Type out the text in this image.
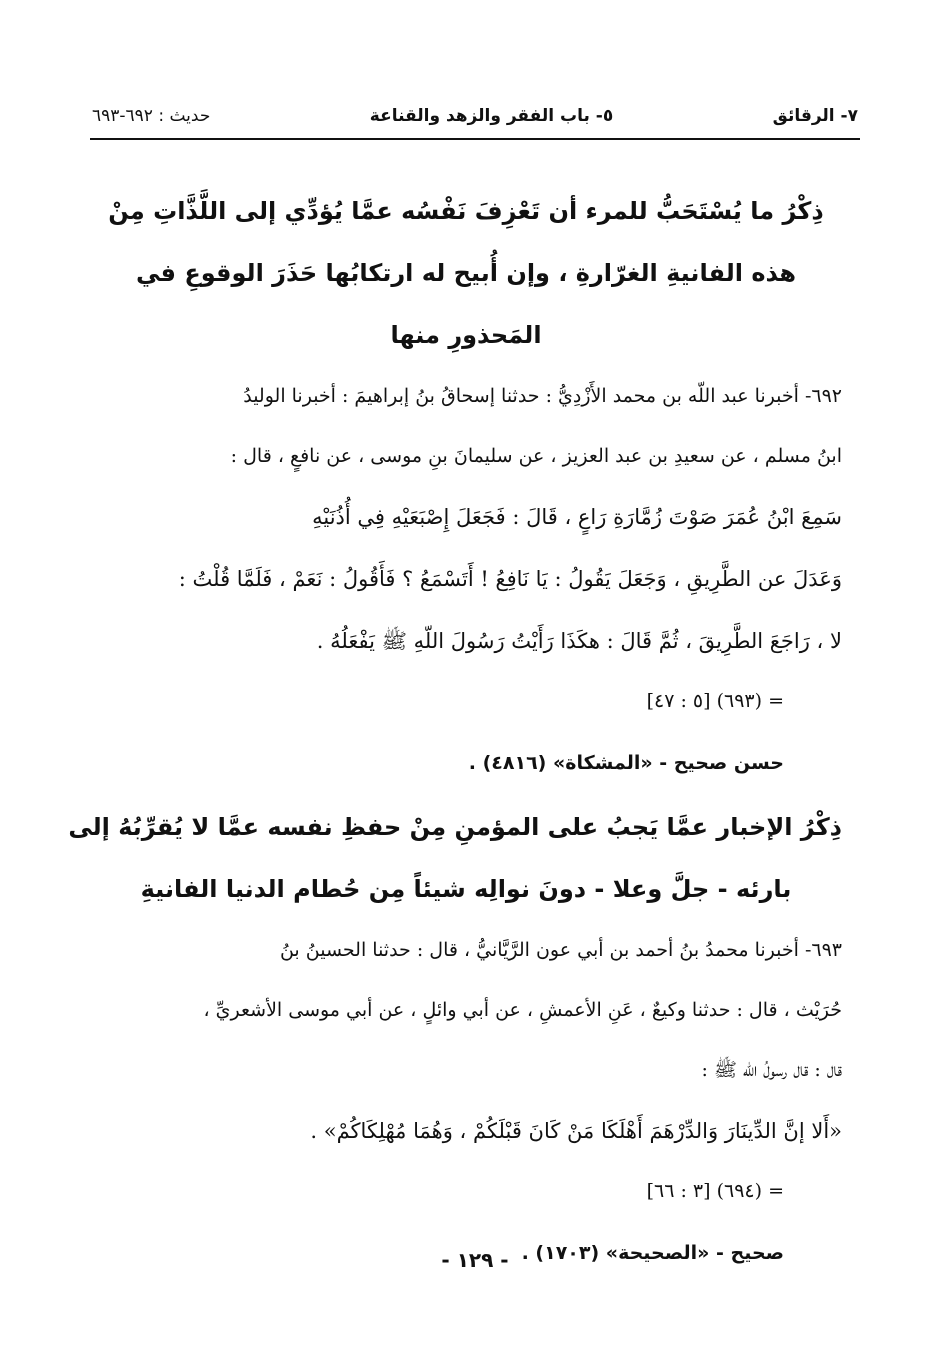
٧- الرقائق
٥- باب الفقر والزهد والقناعة
حديث : ٦٩٢-٦٩٣
ذِكْرُ ما يُسْتَحَبُّ للمرء أن تَعْزِفَ نَفْسُه عمَّا يُؤدِّي إلى اللَّذَّاتِ مِنْ
هذه الفانيةِ الغرّارةِ ، وإن أُبيح له ارتكابُها حَذَرَ الوقوعِ في
المَحذورِ منها
٦٩٢- أخبرنا عبد اللّه بن محمد الأَزْدِيُّ : حدثنا إسحاقُ بنُ إبراهيمَ : أخبرنا الوليدُ
ابنُ مسلم ، عن سعيدِ بن عبد العزيز ، عن سليمانَ بنِ موسى ، عن نافعٍ ، قال :
سَمِعَ ابْنُ عُمَرَ صَوْتَ زُمَّارَةِ رَاعٍ ، قَالَ : فَجَعَلَ إِصْبَعَيْهِ فِي أُذُنَيْهِ
وَعَدَلَ عن الطَّرِيقِ ، وَجَعَلَ يَقُولُ : يَا نَافِعُ ! أَتَسْمَعُ ؟ فَأَقُولُ : نَعَمْ ، فَلَمَّا قُلْتُ :
لا ، رَاجَعَ الطَّرِيقَ ، ثُمَّ قَالَ : هكَذَا رَأَيْتُ رَسُولَ اللّهِ ﷺ يَفْعَلُهُ .
= (٦٩٣) [٥ : ٤٧]
حسن صحيح - «المشكاة» (٤٨١٦) .
ذِكْرُ الإخبار عمَّا يَجبُ على المؤمنِ مِنْ حفظِ نفسه عمَّا لا يُقرِّبُهُ إلى
بارئه - جلَّ وعلا - دونَ نوالِه شيئاً مِن حُطام الدنيا الفانيةِ
٦٩٣- أخبرنا محمدُ بنُ أحمد بن أبي عون الرَّيَّانيُّ ، قال : حدثنا الحسينُ بنُ
حُرَيْث ، قال : حدثنا وكيعٌ ، عَنِ الأعمشِ ، عن أبي وائلٍ ، عن أبي موسى الأشعريِّ ،
قال : قال رسولُ اللّه ﷺ :
«أَلا إنَّ الدِّينَارَ وَالدِّرْهَمَ أَهْلَكَا مَنْ كَانَ قَبْلَكُمْ ، وَهُمَا مُهْلِكَاكُمْ» .
= (٦٩٤) [٣ : ٦٦]
صحيح - «الصحيحة» (١٧٠٣) .
- ١٢٩ -
